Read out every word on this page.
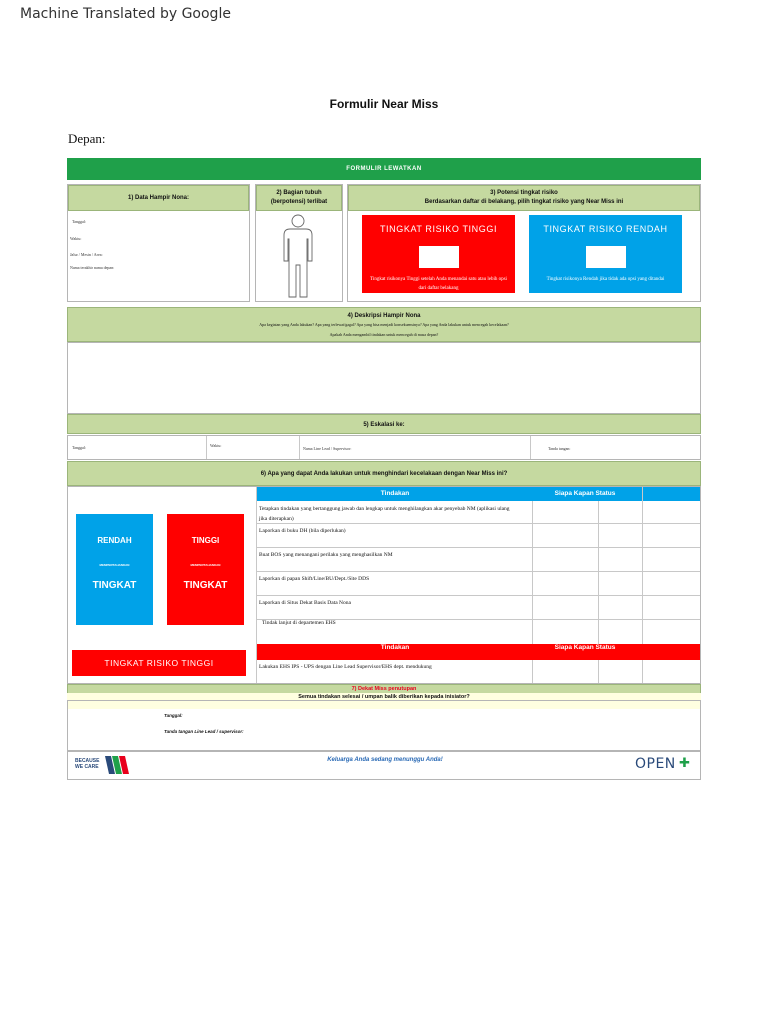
Machine Translated by Google
Formulir Near Miss
Depan:
FORMULIR LEWATKAN
1) Data Hampir Nona:
Tanggal:
Waktu:
Jalur / Mesin / Area:
Nama terakhir nama depan:
2) Bagian tubuh
(berpotensi) terlibat
3) Potensi tingkat risiko
Berdasarkan daftar di belakang, pilih tingkat risiko yang Near Miss ini
TINGKAT RISIKO TINGGI
Tingkat risikonya Tinggi setelah Anda menandai satu atau lebih opsi dari daftar belakang
TINGKAT RISIKO RENDAH
Tingkat risikonya Rendah jika tidak ada opsi yang ditandai
4) Deskripsi Hampir Nona
Apa kegiatan yang Anda lakukan? Apa yang terlewat/gagal? Apa yang bisa menjadi konsekuensinya? Apa yang Anda lakukan untuk mencegah kecelakaan?
Apakah Anda mengambil tindakan untuk mencegah di masa depan?
5) Eskalasi ke:
Tanggal:	Waktu:
Nama Line Lead / Supervisor:	Tanda tangan:
6) Apa yang dapat Anda lakukan untuk menghindari kecelakaan dengan Near Miss ini?
RENDAH
MEMPERTAHANKAN
TINGKAT
TINGGI
MEMPERTAHANKAN
TINGKAT
Tindakan	Siapa Kapan Status
Tetapkan tindakan yang bertanggung jawab dan lengkap untuk menghilangkan akar penyebab NM (aplikasi ulang jika diterapkan)
Laporkan di buku DH (bila diperlukan)
Buat BOS yang menangani perilaku yang menghasilkan NM
Laporkan di papan Shift/Line/BU/Dept./Site DDS
Laporkan di Situs Dekat Basis Data Nona
Tindak lanjut di departemen EHS
Tindakan	Siapa Kapan Status
TINGKAT RISIKO TINGGI	Lakukan EHS IPS - UPS dengan Line Lead Supervisor/EHS dept. mendukung
7) Dekat Miss penutupan
Semua tindakan selesai / umpan balik diberikan kepada inisiator?
Tanggal:
Tanda tangan Line Lead / supervisor:
BECAUSE
WE CARE
Keluarga Anda sedang menunggu Anda!	OPEN ✚
